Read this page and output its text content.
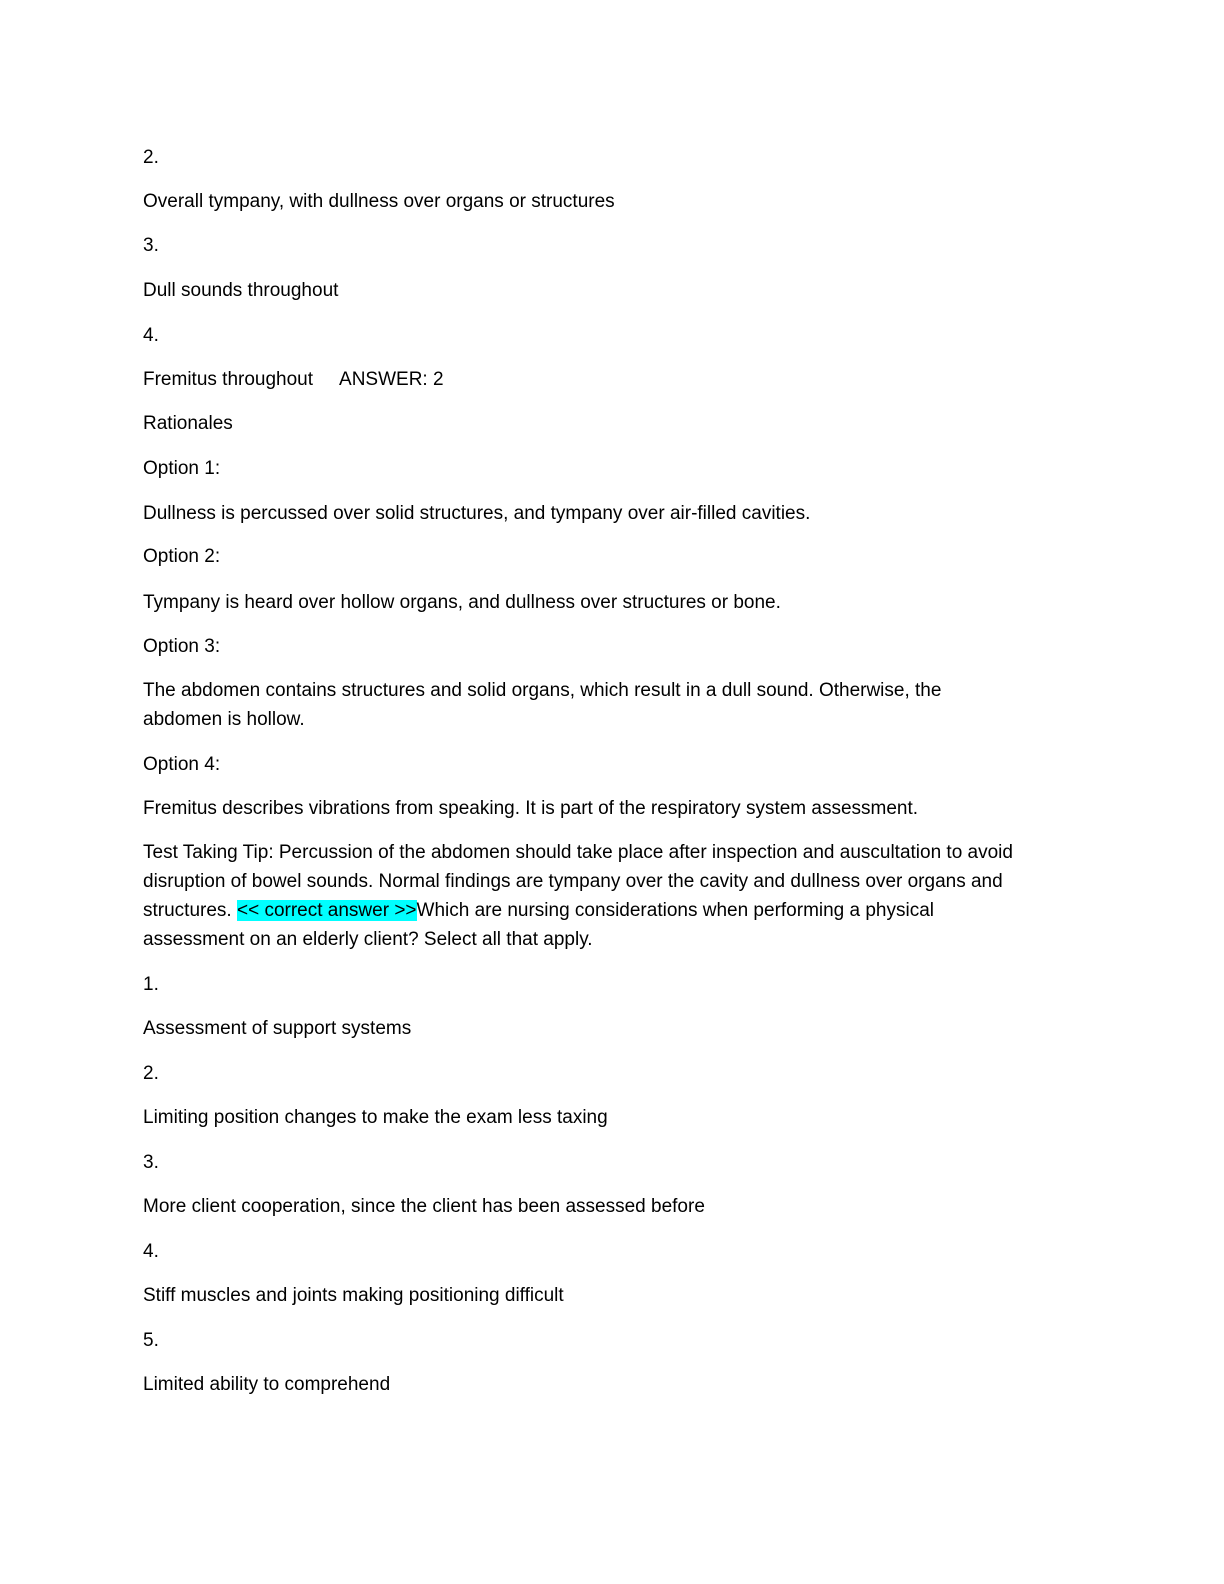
2.
Overall tympany, with dullness over organs or structures
3.
Dull sounds throughout
4.
Fremitus throughout ANSWER: 2
Rationales
Option 1:
Dullness is percussed over solid structures, and tympany over air-filled cavities.
Option 2:
Tympany is heard over hollow organs, and dullness over structures or bone.
Option 3:
The abdomen contains structures and solid organs, which result in a dull sound. Otherwise, the
abdomen is hollow.
Option 4:
Fremitus describes vibrations from speaking. It is part of the respiratory system assessment.
Test Taking Tip: Percussion of the abdomen should take place after inspection and auscultation to avoid
disruption of bowel sounds. Normal findings are tympany over the cavity and dullness over organs and
structures. << correct answer >>Which are nursing considerations when performing a physical
assessment on an elderly client? Select all that apply.
1.
Assessment of support systems
2.
Limiting position changes to make the exam less taxing
3.
More client cooperation, since the client has been assessed before
4.
Stiff muscles and joints making positioning difficult
5.
Limited ability to comprehend
